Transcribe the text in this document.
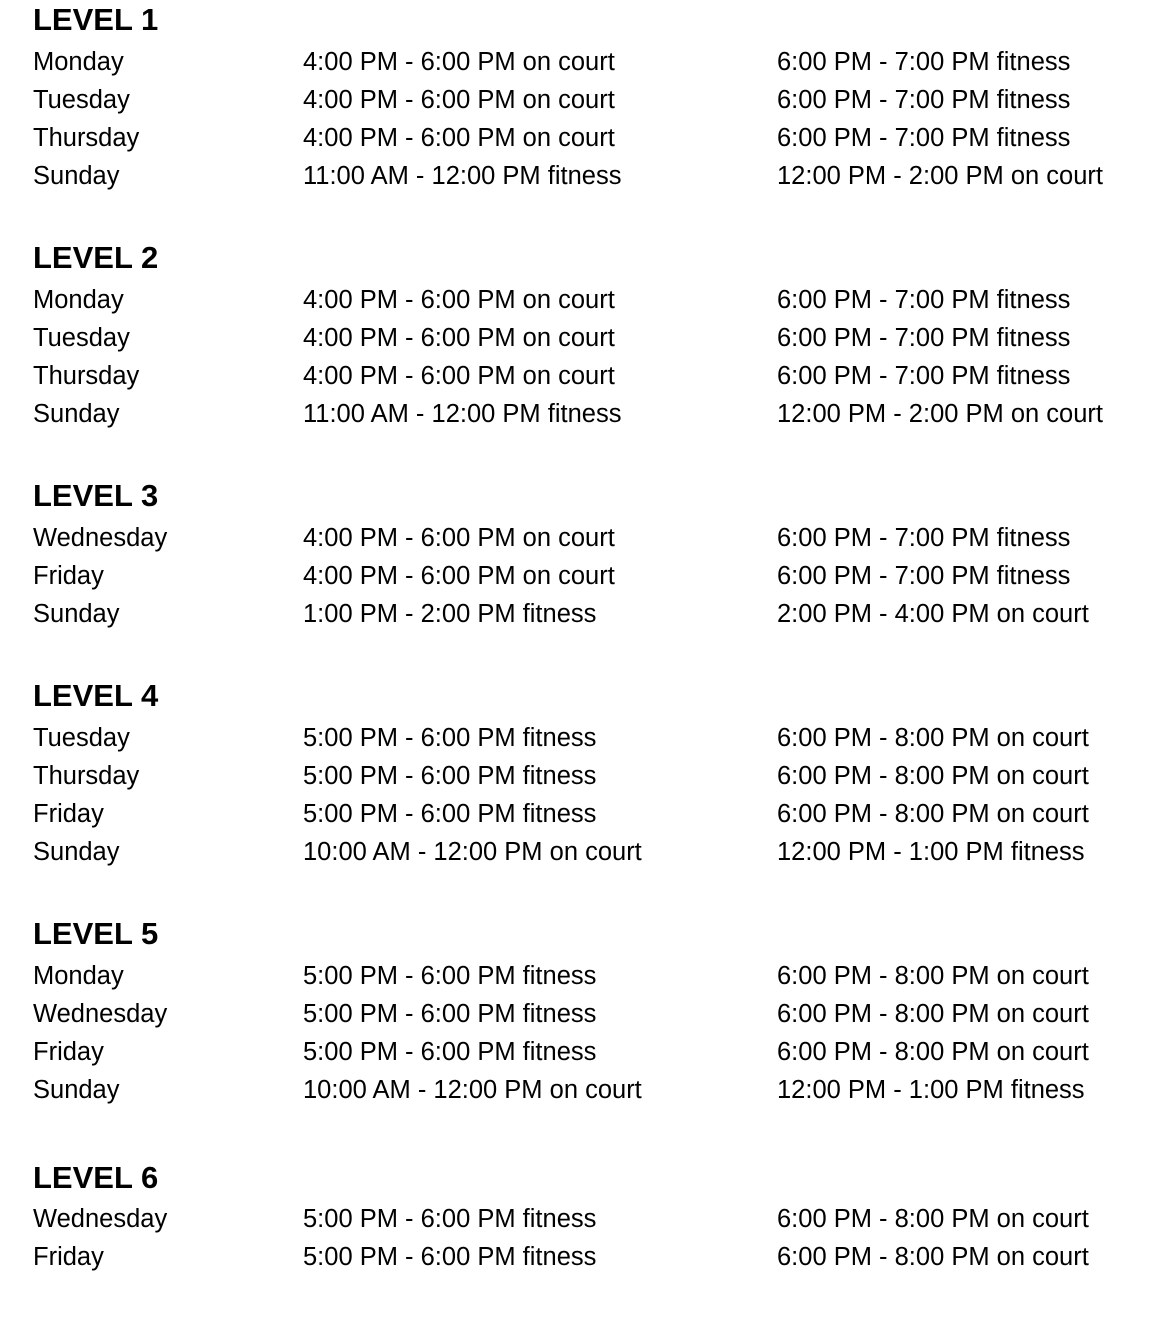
LEVEL 1
Monday	4:00 PM - 6:00 PM on court	6:00 PM - 7:00 PM fitness
Tuesday	4:00 PM - 6:00 PM on court	6:00 PM - 7:00 PM fitness
Thursday	4:00 PM - 6:00 PM on court	6:00 PM - 7:00 PM fitness
Sunday	11:00 AM - 12:00 PM fitness	12:00 PM - 2:00 PM on court
LEVEL 2
Monday	4:00 PM - 6:00 PM on court	6:00 PM - 7:00 PM fitness
Tuesday	4:00 PM - 6:00 PM on court	6:00 PM - 7:00 PM fitness
Thursday	4:00 PM - 6:00 PM on court	6:00 PM - 7:00 PM fitness
Sunday	11:00 AM - 12:00 PM fitness	12:00 PM - 2:00 PM on court
LEVEL 3
Wednesday	4:00 PM - 6:00 PM on court	6:00 PM - 7:00 PM fitness
Friday	4:00 PM - 6:00 PM on court	6:00 PM - 7:00 PM fitness
Sunday	1:00 PM - 2:00 PM fitness	2:00 PM - 4:00 PM on court
LEVEL 4
Tuesday	5:00 PM - 6:00 PM fitness	6:00 PM - 8:00 PM on court
Thursday	5:00 PM - 6:00 PM fitness	6:00 PM - 8:00 PM on court
Friday	5:00 PM - 6:00 PM fitness	6:00 PM - 8:00 PM on court
Sunday	10:00 AM - 12:00 PM on court	12:00 PM - 1:00 PM fitness
LEVEL 5
Monday	5:00 PM - 6:00 PM fitness	6:00 PM - 8:00 PM on court
Wednesday	5:00 PM - 6:00 PM fitness	6:00 PM - 8:00 PM on court
Friday	5:00 PM - 6:00 PM fitness	6:00 PM - 8:00 PM on court
Sunday	10:00 AM - 12:00 PM on court	12:00 PM - 1:00 PM fitness
LEVEL 6
Wednesday	5:00 PM - 6:00 PM fitness	6:00 PM - 8:00 PM on court
Friday	5:00 PM - 6:00 PM fitness	6:00 PM - 8:00 PM on court
